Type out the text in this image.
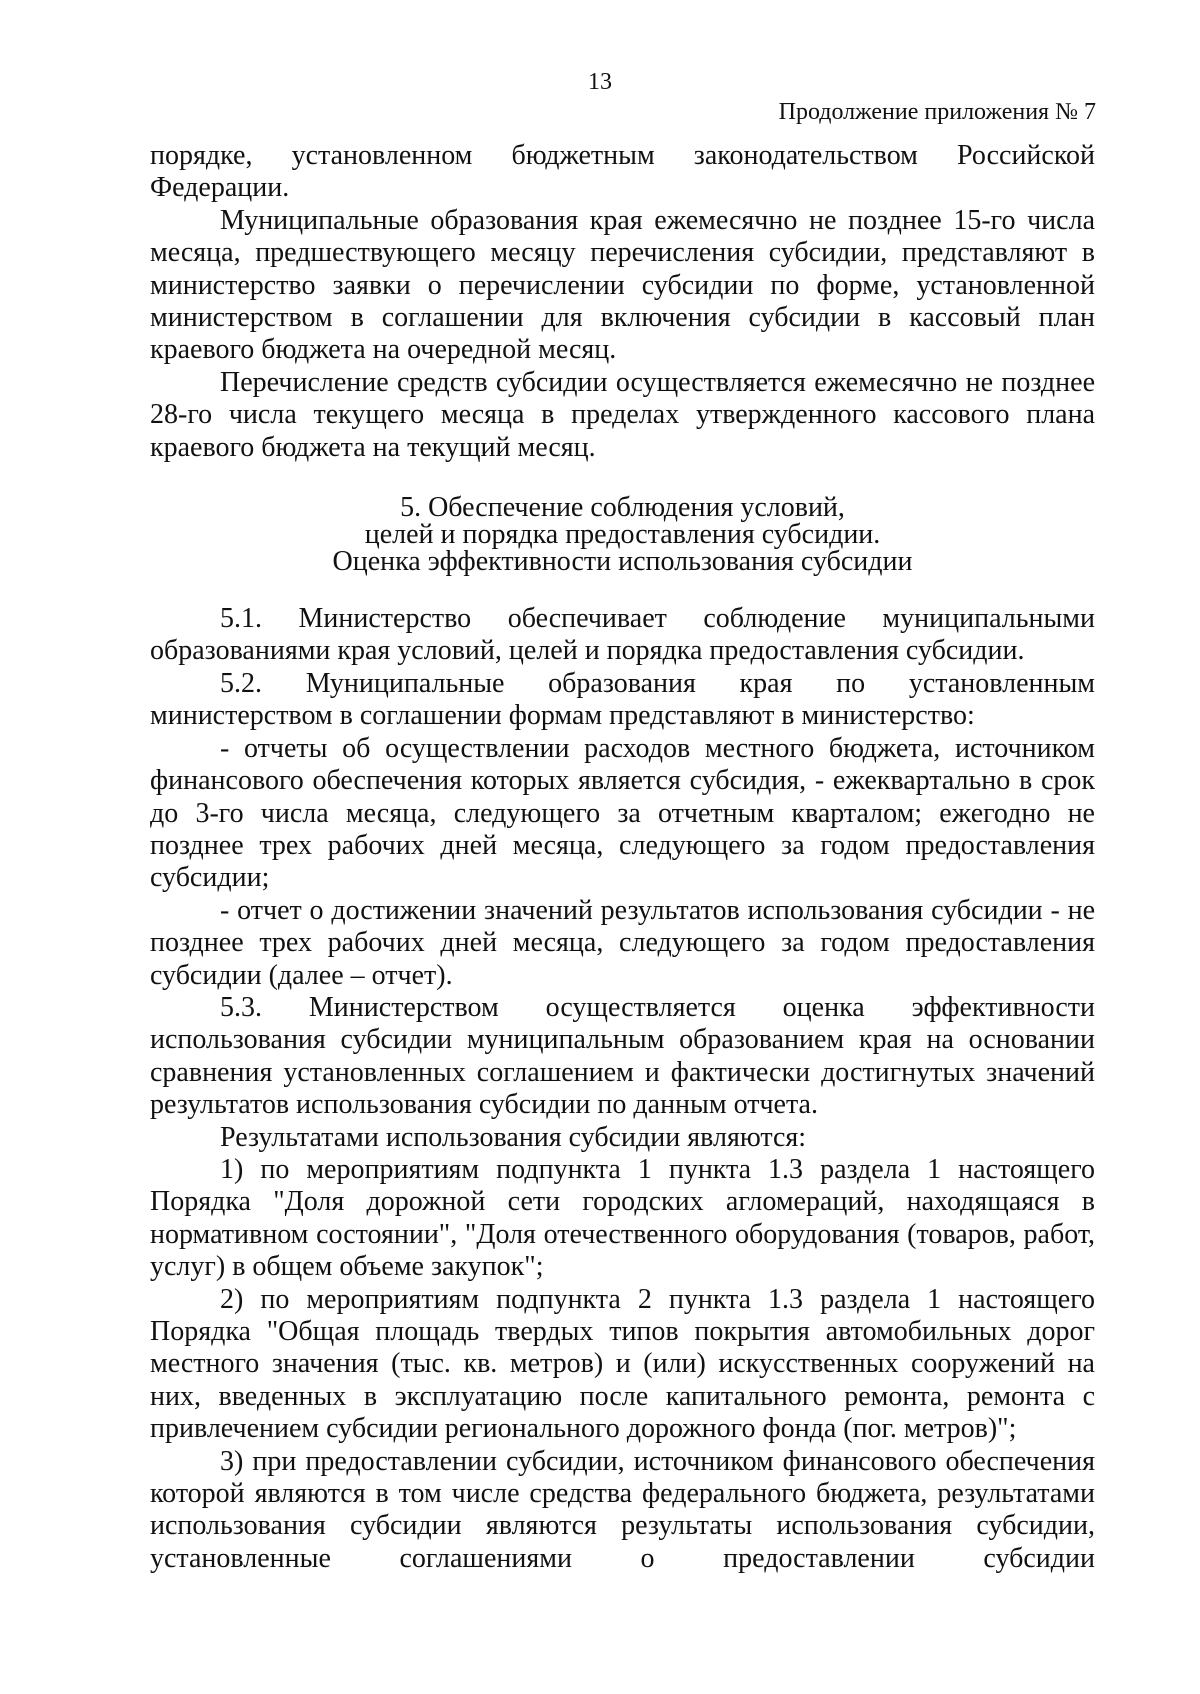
13
Продолжение приложения № 7

порядке, установленном бюджетным законодательством Российской Федерации.

Муниципальные образования края ежемесячно не позднее 15-го числа месяца, предшествующего месяцу перечисления субсидии, представляют в министерство заявки о перечислении субсидии по форме, установленной министерством в соглашении для включения субсидии в кассовый план краевого бюджета на очередной месяц.

Перечисление средств субсидии осуществляется ежемесячно не позднее 28-го числа текущего месяца в пределах утвержденного кассового плана краевого бюджета на текущий месяц.

5. Обеспечение соблюдения условий,
целей и порядка предоставления субсидии.
Оценка эффективности использования субсидии

5.1. Министерство обеспечивает соблюдение муниципальными образованиями края условий, целей и порядка предоставления субсидии.

5.2. Муниципальные образования края по установленным министерством в соглашении формам представляют в министерство:

- отчеты об осуществлении расходов местного бюджета, источником финансового обеспечения которых является субсидия, - ежеквартально в срок до 3-го числа месяца, следующего за отчетным кварталом; ежегодно не позднее трех рабочих дней месяца, следующего за годом предоставления субсидии;

- отчет о достижении значений результатов использования субсидии - не позднее трех рабочих дней месяца, следующего за годом предоставления субсидии (далее – отчет).

5.3. Министерством осуществляется оценка эффективности использования субсидии муниципальным образованием края на основании сравнения установленных соглашением и фактически достигнутых значений результатов использования субсидии по данным отчета.

Результатами использования субсидии являются:

1) по мероприятиям подпункта 1 пункта 1.3 раздела 1 настоящего Порядка "Доля дорожной сети городских агломераций, находящаяся в нормативном состоянии", "Доля отечественного оборудования (товаров, работ, услуг) в общем объеме закупок";

2) по мероприятиям подпункта 2 пункта 1.3 раздела 1 настоящего Порядка "Общая площадь твердых типов покрытия автомобильных дорог местного значения (тыс. кв. метров) и (или) искусственных сооружений на них, введенных в эксплуатацию после капитального ремонта, ремонта с привлечением субсидии регионального дорожного фонда (пог. метров)";

3) при предоставлении субсидии, источником финансового обеспечения которой являются в том числе средства федерального бюджета, результатами использования субсидии являются результаты использования субсидии, установленные соглашениями о предоставлении субсидии
